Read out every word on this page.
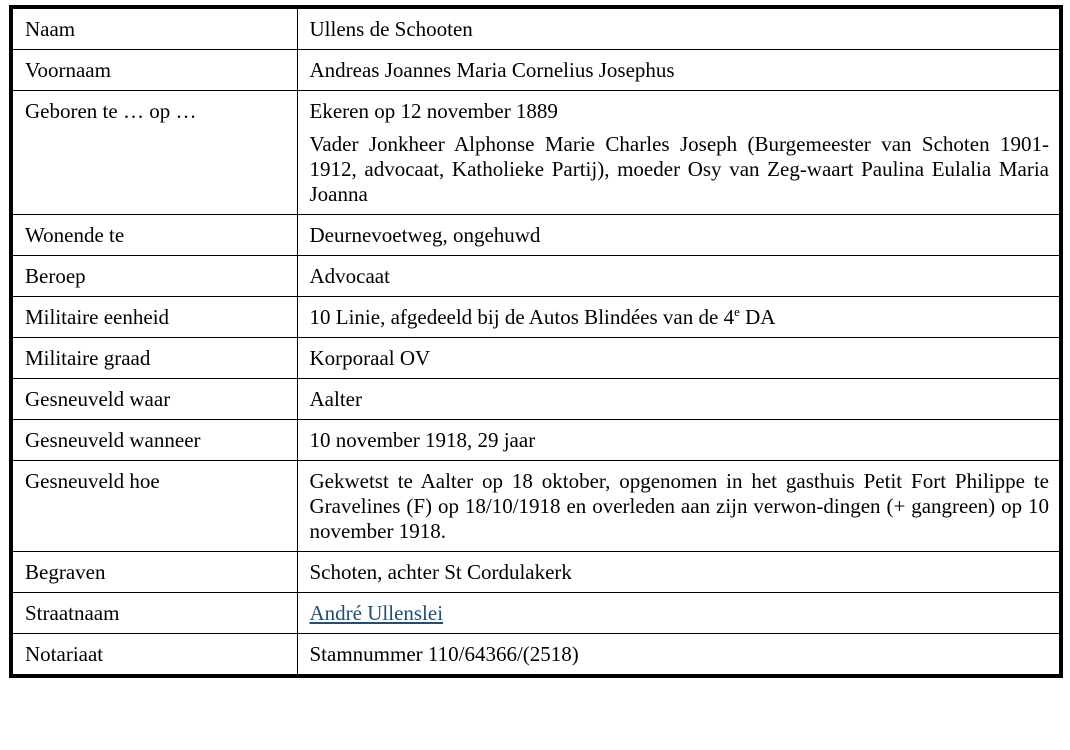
Naam	Ullens de Schooten
Voornaam	Andreas Joannes Maria Cornelius Josephus
Geboren te … op …	Ekeren op 12 november 1889

Vader Jonkheer Alphonse Marie Charles Joseph (Burgemeester van Schoten 1901-1912, advocaat, Katholieke Partij), moeder Osy van Zeg-waart Paulina Eulalia Maria Joanna

Wonende te	Deurnevoetweg, ongehuwd
Beroep	Advocaat
Militaire eenheid	10 Linie, afgedeeld bij de Autos Blindées van de 4e DA
Militaire graad	Korporaal OV
Gesneuveld waar	Aalter
Gesneuveld wanneer	10 november 1918, 29 jaar
Gesneuveld hoe	Gekwetst te Aalter op 18 oktober, opgenomen in het gasthuis Petit Fort Philippe te Gravelines (F) op 18/10/1918 en overleden aan zijn verwon-dingen (+ gangreen) op 10 november 1918.
Begraven	Schoten, achter St Cordulakerk
Straatnaam	André Ullenslei
Notariaat	Stamnummer 110/64366/(2518)
